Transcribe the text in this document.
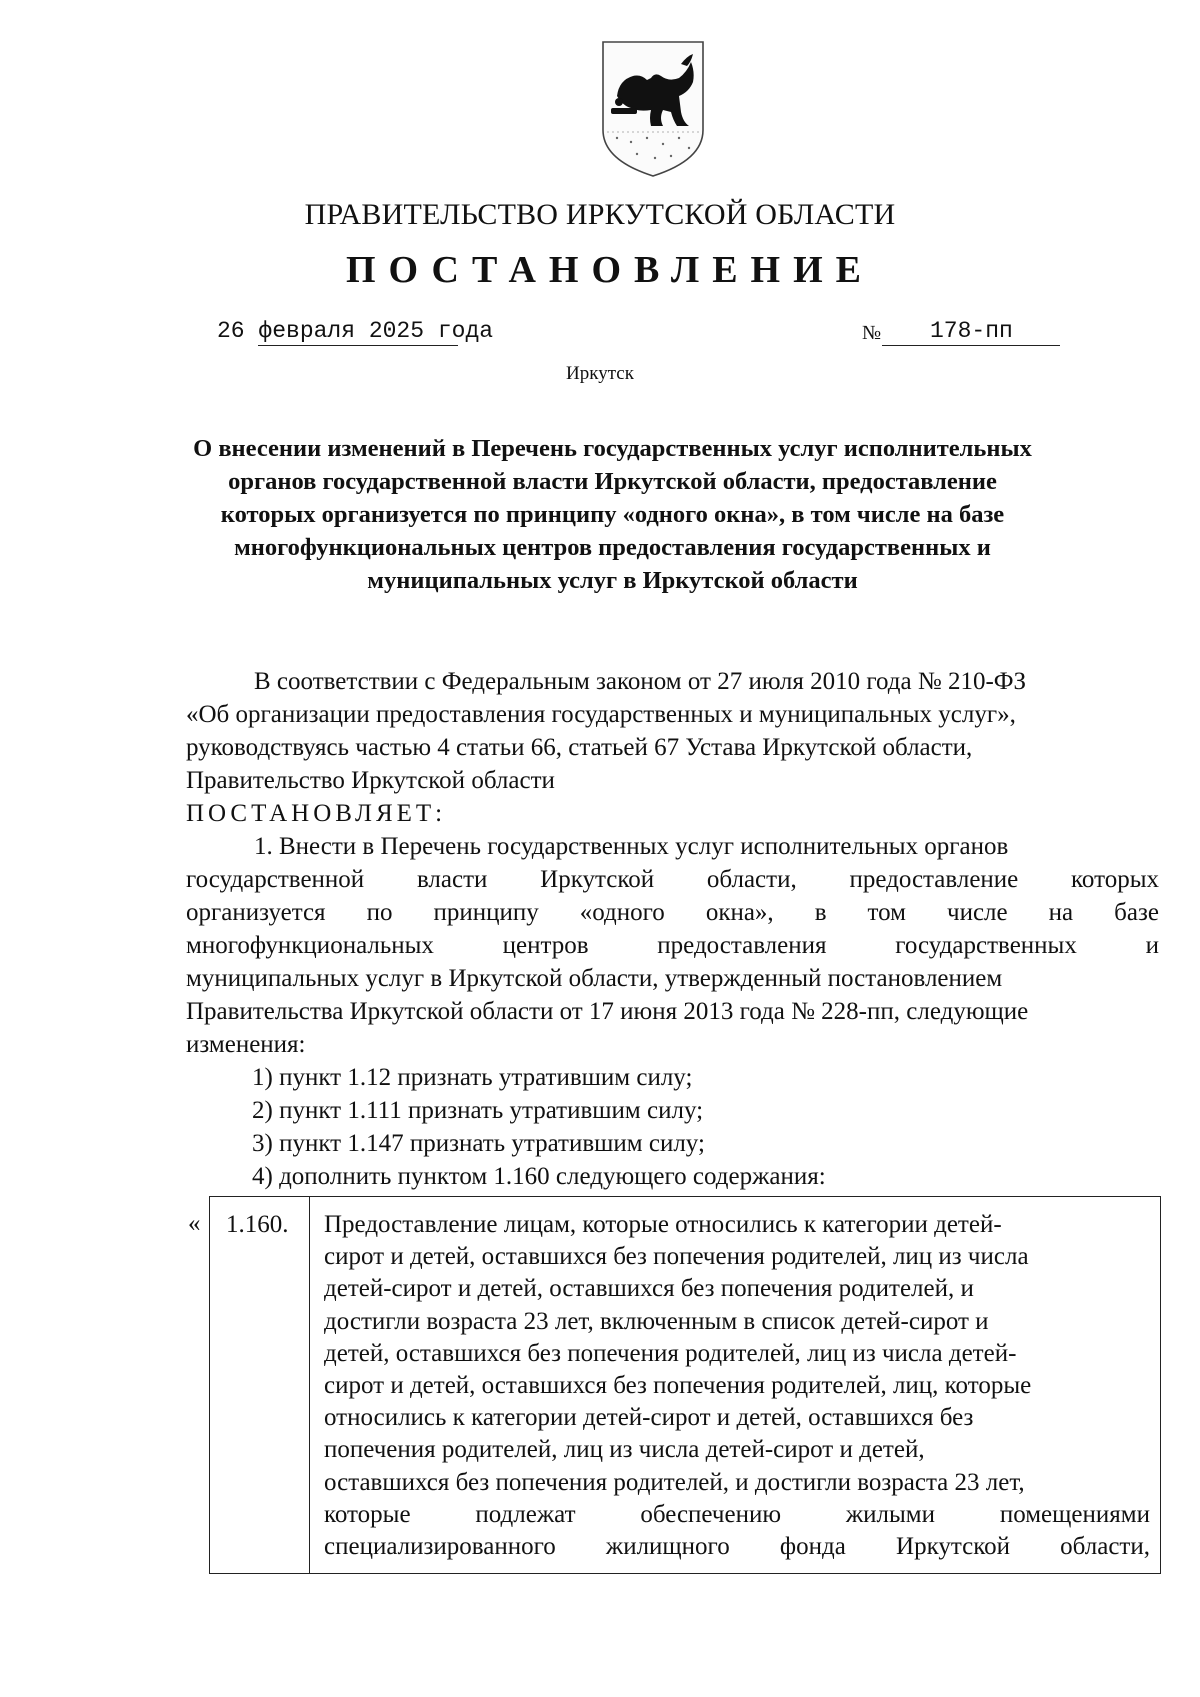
ПРАВИТЕЛЬСТВО ИРКУТСКОЙ ОБЛАСТИ
ПОСТАНОВЛЕНИЕ
26 февраля 2025 года	№ 178-пп
Иркутск
О внесении изменений в Перечень государственных услуг исполнительных
органов государственной власти Иркутской области, предоставление
которых организуется по принципу «одного окна», в том числе на базе
многофункциональных центров предоставления государственных и
муниципальных услуг в Иркутской области
В соответствии с Федеральным законом от 27 июля 2010 года № 210-ФЗ
«Об организации предоставления государственных и муниципальных услуг»,
руководствуясь частью 4 статьи 66, статьей 67 Устава Иркутской области,
Правительство Иркутской области
ПОСТАНОВЛЯЕТ:
1. Внести в Перечень государственных услуг исполнительных органов
государственной власти Иркутской области, предоставление которых
организуется по принципу «одного окна», в том числе на базе
многофункциональных	центров	предоставления	государственных	и
муниципальных услуг в Иркутской области, утвержденный постановлением
Правительства Иркутской области от 17 июня 2013 года № 228-пп, следующие
изменения:
1) пункт 1.12 признать утратившим силу;
2) пункт 1.111 признать утратившим силу;
3) пункт 1.147 признать утратившим силу;
4) дополнить пунктом 1.160 следующего содержания:
« 1.160. Предоставление лицам, которые относились к категории детей-
сирот и детей, оставшихся без попечения родителей, лиц из числа
детей-сирот и детей, оставшихся без попечения родителей, и
достигли возраста 23 лет, включенным в список детей-сирот и
детей, оставшихся без попечения родителей, лиц из числа детей-
сирот и детей, оставшихся без попечения родителей, лиц, которые
относились к категории детей-сирот и детей, оставшихся без
попечения родителей, лиц из числа детей-сирот и детей,
оставшихся без попечения родителей, и достигли возраста 23 лет,
которые	подлежат	обеспечению	жилыми	помещениями
специализированного жилищного фонда Иркутской области,
